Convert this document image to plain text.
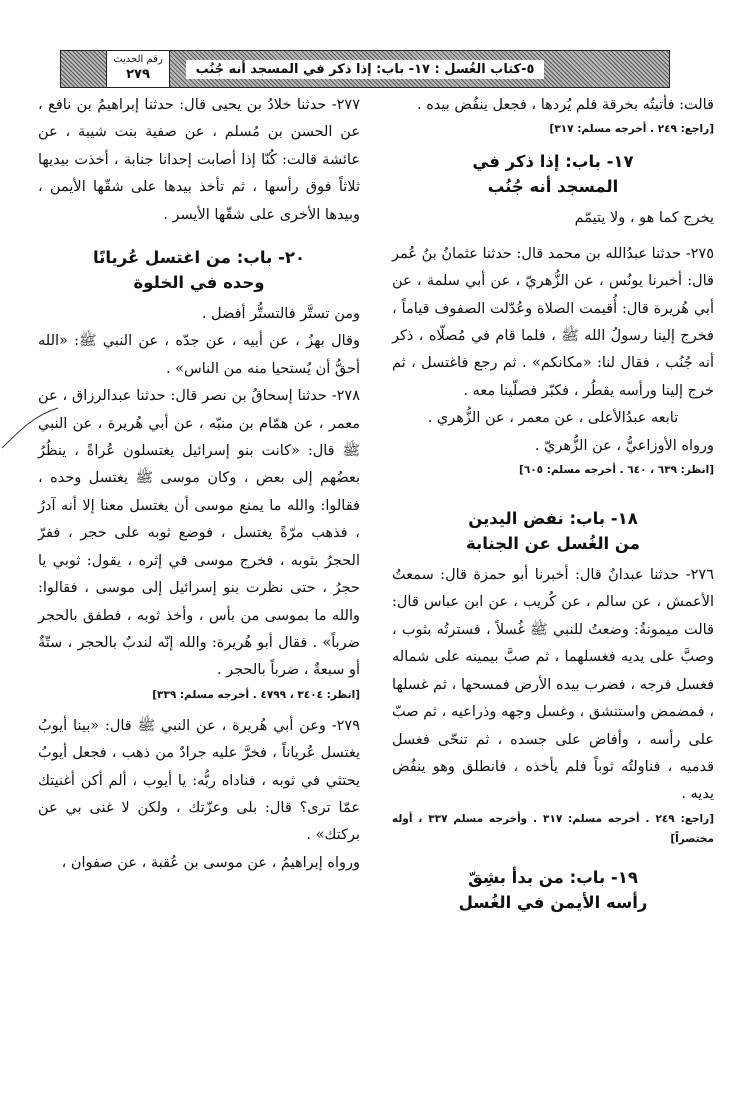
٥-كتاب الغُسل : ١٧- باب: إذا ذكر في المسجد أنه جُنُب
رقم الحديث
٢٧٩

قالت: فأتيتُه بخرقة فلم يُردها ، فجعل ينفُض بيده .

[راجع: ٢٤٩ . أخرجه مسلم: ٣١٧]

١٧- باب: إذا ذكر في
المسجد أنه جُنُب

يخرج كما هو ، ولا يتيمّم

٢٧٥- حدثنا عبدُالله بن محمد قال: حدثنا عثمانُ بنُ عُمر قال: أخبرنا يونُس ، عن الزُّهريّ ، عن أبي سلمة ، عن أبي هُريرة قال: أُقيمت الصلاة وعُدّلت الصفوف قياماً ، فخرج إلينا رسولُ الله ﷺ ، فلما قام في مُصلّاه ، ذكر أنه جُنُب ، فقال لنا: «مكانكم» . ثم رجع فاغتسل ، ثم خرج إلينا ورأسه يقطُر ، فكبّر فصلّينا معه .

تابعه عبدُالأعلى ، عن معمر ، عن الزُّهري .

ورواه الأوزاعيُّ ، عن الزُّهريّ .

[انظر: ٦٣٩ ، ٦٤٠ . أخرجه مسلم: ٦٠٥]

١٨- باب: نفض اليدين
من الغُسل عن الجنابة

٢٧٦- حدثنا عبدانُ قال: أخبرنا أبو حمزة قال: سمعتُ الأعمش ، عن سالم ، عن كُريب ، عن ابن عباس قال: قالت ميمونةُ: وضعتُ للنبي ﷺ غُسلاً ، فسترتُه بثوب ، وصبَّ على يديه فغسلهما ، ثم صبَّ بيمينه على شماله فغسل فرجه ، فضرب بيده الأرض فمسحها ، ثم غسلها ، فمضمض واستنشق ، وغسل وجهه وذراعيه ، ثم صبّ على رأسه ، وأفاض على جسده ، ثم تنحّى فغسل قدميه ، فناولتُه ثوباً فلم يأخذه ، فانطلق وهو ينفُض يديه .

[راجع: ٢٤٩ . أخرجه مسلم: ٣١٧ . وأخرجه مسلم ٣٣٧ ، أوله مختصراً]

١٩- باب: من بدأ بشِقّ
رأسه الأيمن في الغُسل

٢٧٧- حدثنا خلادُ بن يحيى قال: حدثنا إبراهيمُ بن نافع ، عن الحسن بن مُسلم ، عن صفية بنت شيبة ، عن عائشة قالت: كُنّا إذا أصابت إحدانا جنابة ، أخذت بيديها ثلاثاً فوق رأسها ، ثم تأخذ بيدها على شقّها الأيمن ، وبيدها الأخرى على شقّها الأيسر .

٢٠- باب: من اغتسل عُريانًا
وحده في الخلوة

ومن تستَّر فالتستُّر أفضل .

وقال بهزُ ، عن أبيه ، عن جدّه ، عن النبي ﷺ: «الله أحقُّ أن يُستحيا منه من الناس» .

٢٧٨- حدثنا إسحاقُ بن نصر قال: حدثنا عبدالرزاق ، عن معمر ، عن همّام بن منبّه ، عن أبي هُريرة ، عن النبي ﷺ قال: «كانت بنو إسرائيل يغتسلون عُراةً ، ينظُرُ بعضُهم إلى بعض ، وكان موسى ﷺ يغتسل وحده ، فقالوا: والله ما يمنع موسى أن يغتسل معنا إلا أنه آدرُ ، فذهب مرّةً يغتسل ، فوضع ثوبه على حجر ، ففرّ الحجرُ بثوبه ، فخرج موسى في إثره ، يقول: ثوبي يا حجرُ ، حتى نظرت بنو إسرائيل إلى موسى ، فقالوا: والله ما بموسى من بأس ، وأخذ ثوبه ، فطفق بالحجر ضرباً» . فقال أبو هُريرة: والله إنّه لندبٌ بالحجر ، ستّةٌ أو سبعةٌ ، ضرباً بالحجر .

[انظر: ٣٤٠٤ ، ٤٧٩٩ . أخرجه مسلم: ٣٣٩]

٢٧٩- وعن أبي هُريرة ، عن النبي ﷺ قال: «بينا أيوبُ يغتسل عُرياناً ، فخرَّ عليه جرادٌ من ذهب ، فجعل أيوبُ يحتثي في ثوبه ، فناداه ربُّه: يا أيوب ، ألم أكن أغنيتك عمّا ترى؟ قال: بلى وعزّتك ، ولكن لا غنى بي عن بركتك» .

ورواه إبراهيمُ ، عن موسى بن عُقبة ، عن صفوان ،
